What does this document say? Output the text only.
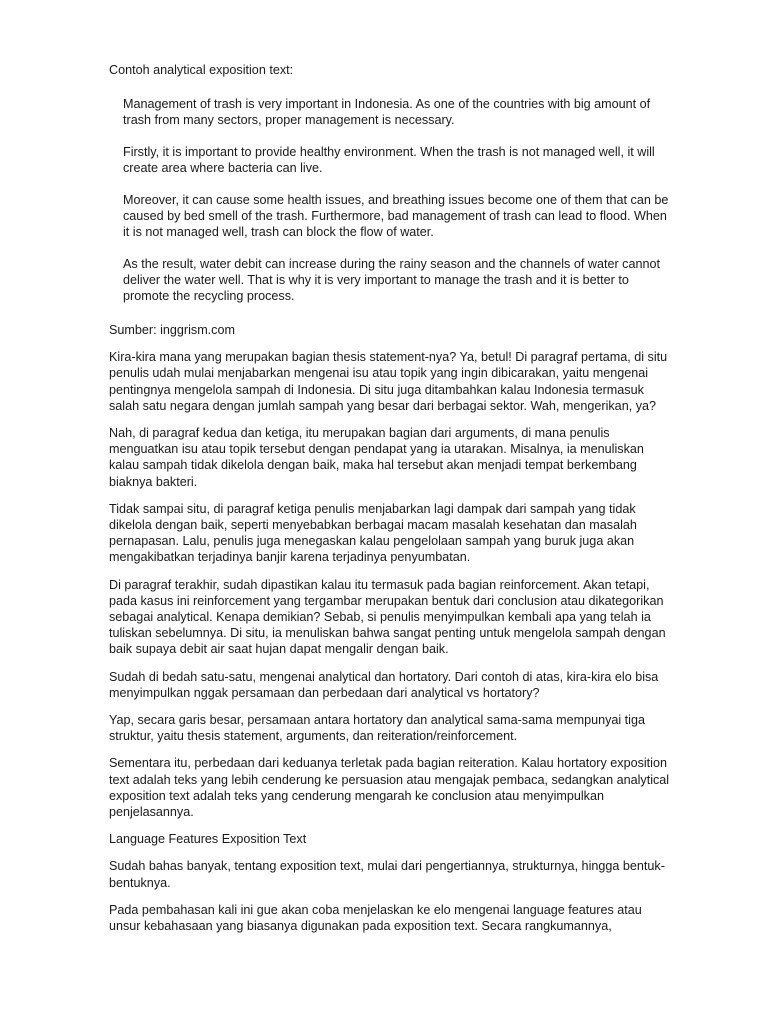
Contoh analytical exposition text:

Management of trash is very important in Indonesia. As one of the countries with big amount of trash from many sectors, proper management is necessary.

Firstly, it is important to provide healthy environment. When the trash is not managed well, it will create area where bacteria can live.

Moreover, it can cause some health issues, and breathing issues become one of them that can be caused by bed smell of the trash. Furthermore, bad management of trash can lead to flood. When it is not managed well, trash can block the flow of water.

As the result, water debit can increase during the rainy season and the channels of water cannot deliver the water well. That is why it is very important to manage the trash and it is better to promote the recycling process.

Sumber: inggrism.com

Kira-kira mana yang merupakan bagian thesis statement-nya? Ya, betul! Di paragraf pertama, di situ penulis udah mulai menjabarkan mengenai isu atau topik yang ingin dibicarakan, yaitu mengenai pentingnya mengelola sampah di Indonesia. Di situ juga ditambahkan kalau Indonesia termasuk salah satu negara dengan jumlah sampah yang besar dari berbagai sektor. Wah, mengerikan, ya?

Nah, di paragraf kedua dan ketiga, itu merupakan bagian dari arguments, di mana penulis menguatkan isu atau topik tersebut dengan pendapat yang ia utarakan. Misalnya, ia menuliskan kalau sampah tidak dikelola dengan baik, maka hal tersebut akan menjadi tempat berkembang biaknya bakteri.

Tidak sampai situ, di paragraf ketiga penulis menjabarkan lagi dampak dari sampah yang tidak dikelola dengan baik, seperti menyebabkan berbagai macam masalah kesehatan dan masalah pernapasan. Lalu, penulis juga menegaskan kalau pengelolaan sampah yang buruk juga akan mengakibatkan terjadinya banjir karena terjadinya penyumbatan.

Di paragraf terakhir, sudah dipastikan kalau itu termasuk pada bagian reinforcement. Akan tetapi, pada kasus ini reinforcement yang tergambar merupakan bentuk dari conclusion atau dikategorikan sebagai analytical. Kenapa demikian? Sebab, si penulis menyimpulkan kembali apa yang telah ia tuliskan sebelumnya. Di situ, ia menuliskan bahwa sangat penting untuk mengelola sampah dengan baik supaya debit air saat hujan dapat mengalir dengan baik.

Sudah di bedah satu-satu, mengenai analytical dan hortatory. Dari contoh di atas, kira-kira elo bisa menyimpulkan nggak persamaan dan perbedaan dari analytical vs hortatory?

Yap, secara garis besar, persamaan antara hortatory dan analytical sama-sama mempunyai tiga struktur, yaitu thesis statement, arguments, dan reiteration/reinforcement.

Sementara itu, perbedaan dari keduanya terletak pada bagian reiteration. Kalau hortatory exposition text adalah teks yang lebih cenderung ke persuasion atau mengajak pembaca, sedangkan analytical exposition text adalah teks yang cenderung mengarah ke conclusion atau menyimpulkan penjelasannya.

Language Features Exposition Text

Sudah bahas banyak, tentang exposition text, mulai dari pengertiannya, strukturnya, hingga bentuk-bentuknya.

Pada pembahasan kali ini gue akan coba menjelaskan ke elo mengenai language features atau unsur kebahasaan yang biasanya digunakan pada exposition text. Secara rangkumannya,
